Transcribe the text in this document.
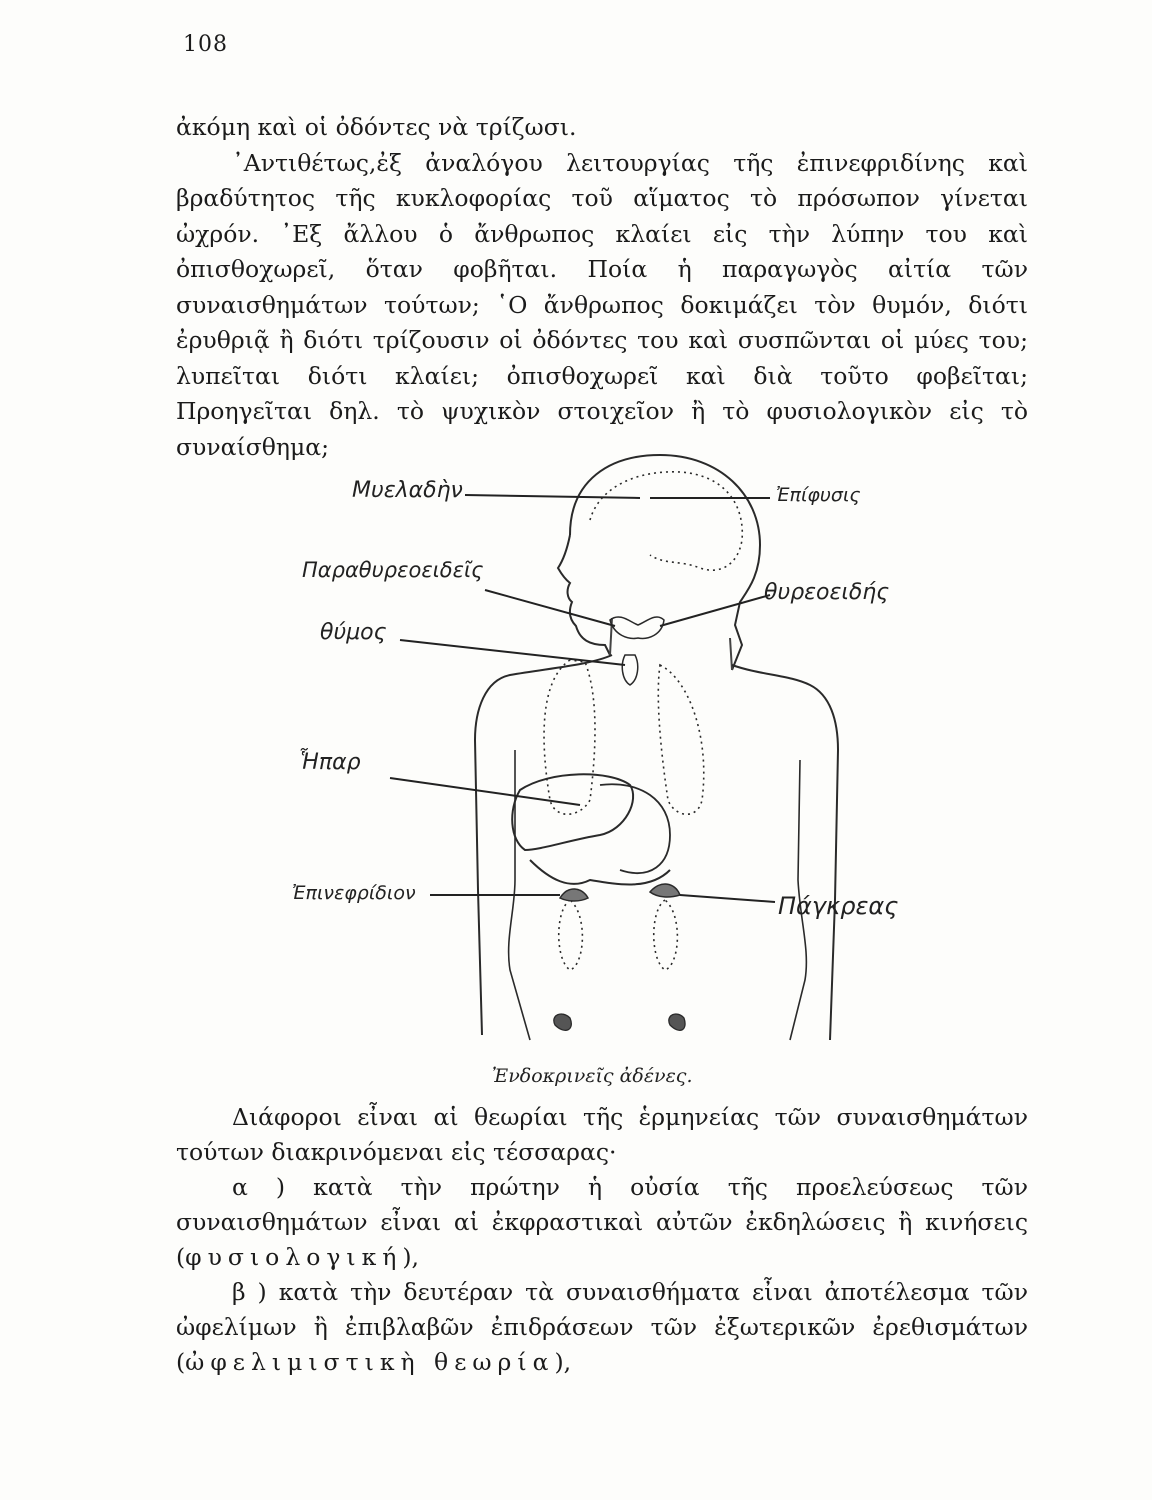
108

ἀκόμη καὶ οἱ ὀδόντες νὰ τρίζωσι.

᾿Αντιθέτως,ἐξ ἀναλόγου λειτουργίας τῆς ἐπινεφριδίνης καὶ βραδύτητος τῆς κυκλοφορίας τοῦ αἵματος τὸ πρόσωπον γίνεται ὠχρόν. ᾿Εξ ἄλλου ὁ ἄνθρωπος κλαίει εἰς τὴν λύπην του καὶ ὀπισθοχωρεῖ, ὅταν φοβῆται. Ποία ἡ παραγωγὸς αἰτία τῶν συναισθημάτων τούτων; ῾Ο ἄνθρωπος δοκιμάζει τὸν θυμόν, διότι ἐρυθριᾷ ἢ διότι τρίζουσιν οἱ ὀδόντες του καὶ συσπῶνται οἱ μύες του; λυπεῖται διότι κλαίει; ὀπισθοχωρεῖ καὶ διὰ τοῦτο φοβεῖται; Προηγεῖται δηλ. τὸ ψυχικὸν στοιχεῖον ἢ τὸ φυσιολογικὸν εἰς τὸ συναίσθημα;

Μυελαδὴν	Ἐπίφυσις
Παραθυρεοειδεῖς
θυρεοειδής
θύμος
Ἧπαρ
Ἐπινεφρίδιον	Πάγκρεας
Ἐνδοκρινεῖς ἀδένες.

Διάφοροι εἶναι αἱ θεωρίαι τῆς ἑρμηνείας τῶν συναισθημάτων τούτων διακρινόμεναι εἰς τέσσαρας·

α ) κατὰ τὴν πρώτην ἡ οὐσία τῆς προελεύσεως τῶν συναισθημάτων εἶναι αἱ ἐκφραστικαὶ αὐτῶν ἐκδηλώσεις ἢ κινήσεις (φυσιολογική),

β ) κατὰ τὴν δευτέραν τὰ συναισθήματα εἶναι ἀποτέλεσμα τῶν ὠφελίμων ἢ ἐπιβλαβῶν ἐπιδράσεων τῶν ἐξωτερικῶν ἐρεθισμάτων (ὠφελιμιστικὴ θεωρία),
